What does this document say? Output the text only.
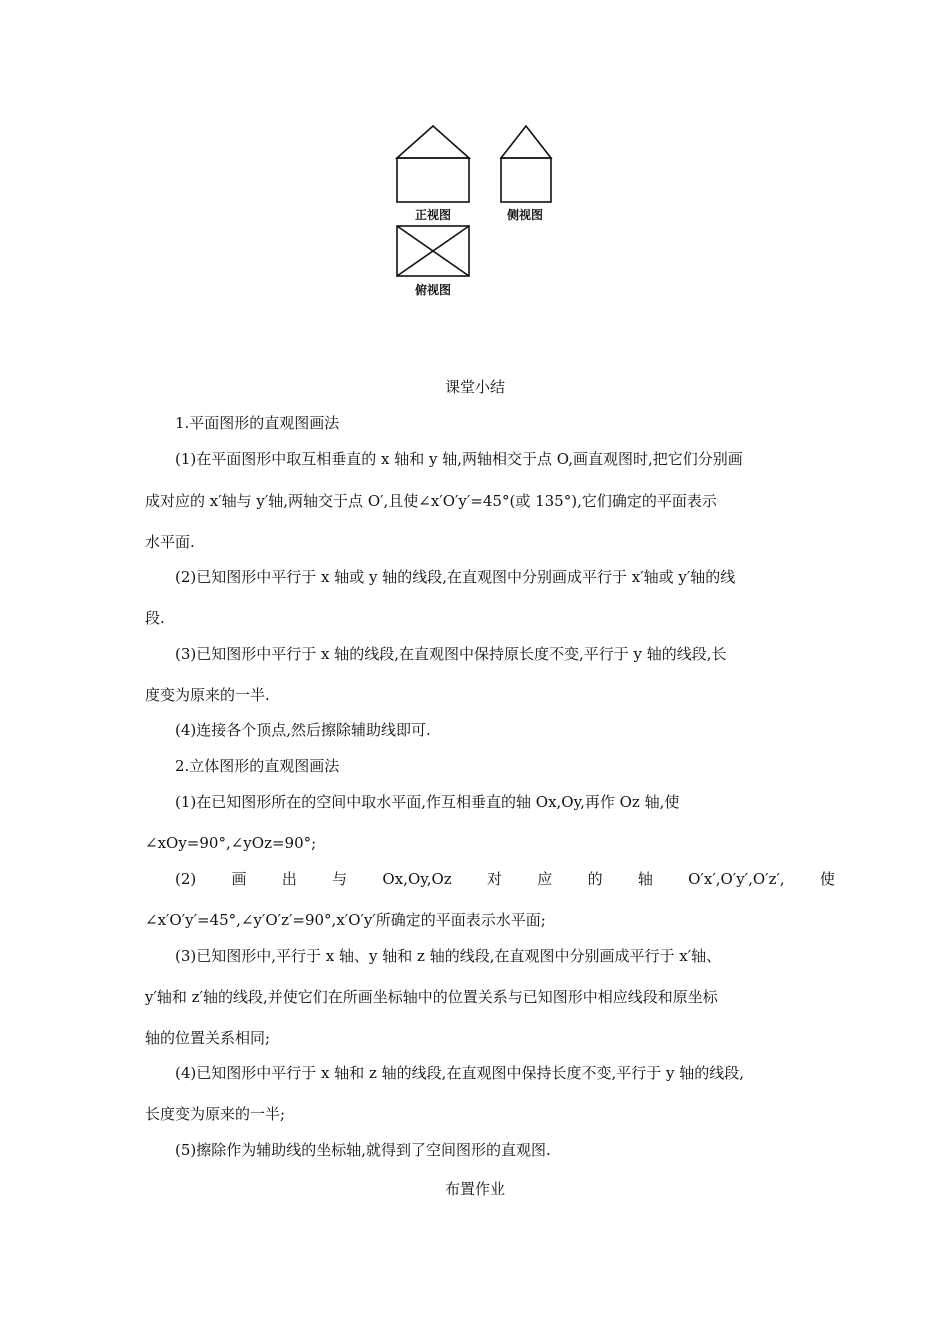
正视图	侧视图
俯视图
课堂小结
1.平面图形的直观图画法
(1)在平面图形中取互相垂直的 x 轴和 y 轴,两轴相交于点 O,画直观图时,把它们分别画
成对应的 x′轴与 y′轴,两轴交于点 O′,且使∠x′O′y′=45°(或 135°),它们确定的平面表示
水平面.
(2)已知图形中平行于 x 轴或 y 轴的线段,在直观图中分别画成平行于 x′轴或 y′轴的线
段.
(3)已知图形中平行于 x 轴的线段,在直观图中保持原长度不变,平行于 y 轴的线段,长
度变为原来的一半.
(4)连接各个顶点,然后擦除辅助线即可.
2.立体图形的直观图画法
(1)在已知图形所在的空间中取水平面,作互相垂直的轴 Ox,Oy,再作 Oz 轴,使
∠xOy=90°,∠yOz=90°;
(2) 画 出 与 Ox,Oy,Oz 对 应 的 轴 O′x′,O′y′,O′z′, 使
∠x′O′y′=45°,∠y′O′z′=90°,x′O′y′所确定的平面表示水平面;
(3)已知图形中,平行于 x 轴、y 轴和 z 轴的线段,在直观图中分别画成平行于 x′轴、
y′轴和 z′轴的线段,并使它们在所画坐标轴中的位置关系与已知图形中相应线段和原坐标
轴的位置关系相同;
(4)已知图形中平行于 x 轴和 z 轴的线段,在直观图中保持长度不变,平行于 y 轴的线段,
长度变为原来的一半;
(5)擦除作为辅助线的坐标轴,就得到了空间图形的直观图.
布置作业
